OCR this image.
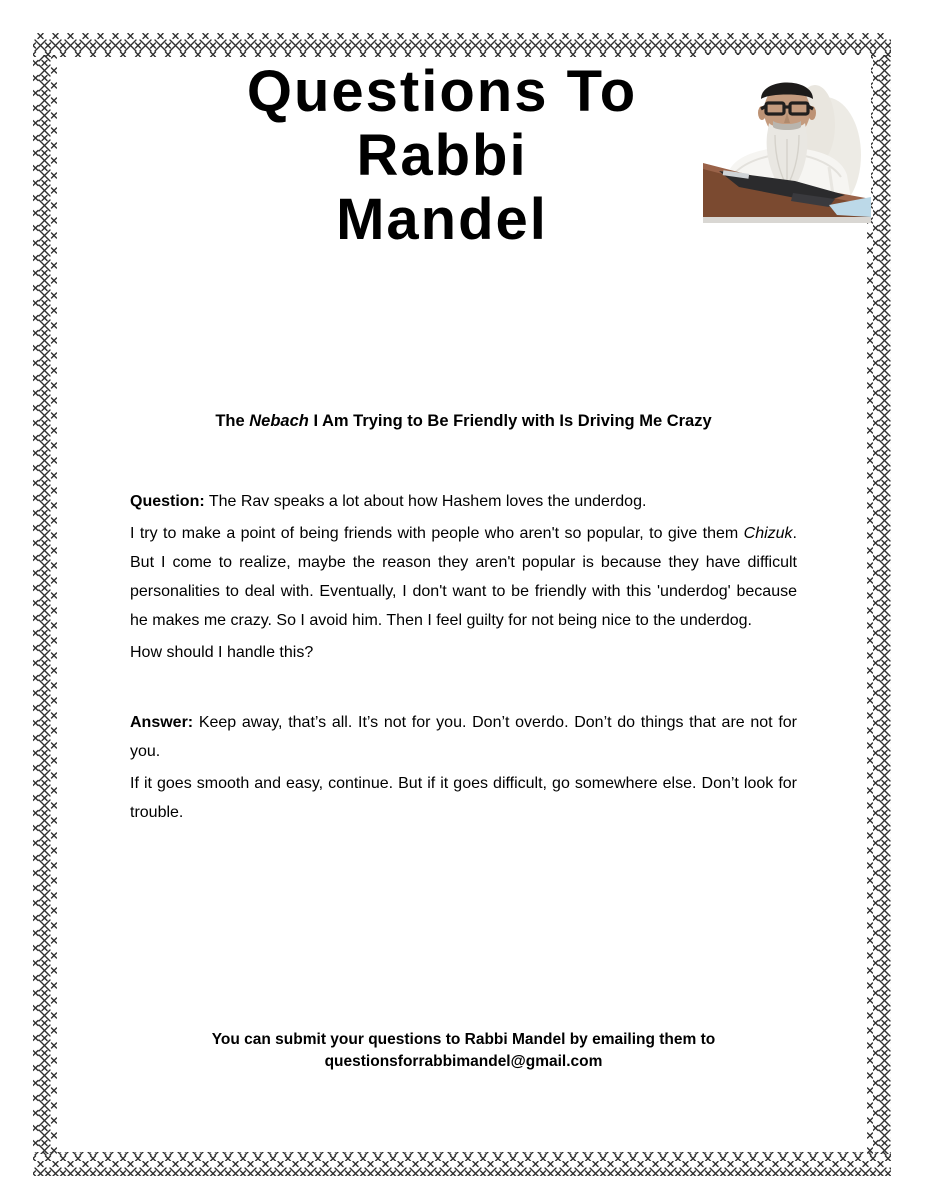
Questions To
Rabbi
Mandel
The Nebach I Am Trying to Be Friendly with Is Driving Me Crazy

Question: The Rav speaks a lot about how Hashem loves the underdog.

I try to make a point of being friends with people who aren't so popular, to give them Chizuk. But I come to realize, maybe the reason they aren't popular is because they have difficult personalities to deal with. Eventually, I don't want to be friendly with this 'underdog' because he makes me crazy. So I avoid him. Then I feel guilty for not being nice to the underdog.

How should I handle this?

Answer: Keep away, that’s all. It’s not for you. Don’t overdo. Don’t do things that are not for you.

If it goes smooth and easy, continue. But if it goes difficult, go somewhere else. Don’t look for trouble.

You can submit your questions to Rabbi Mandel by emailing them to
questionsforrabbimandel@gmail.com
